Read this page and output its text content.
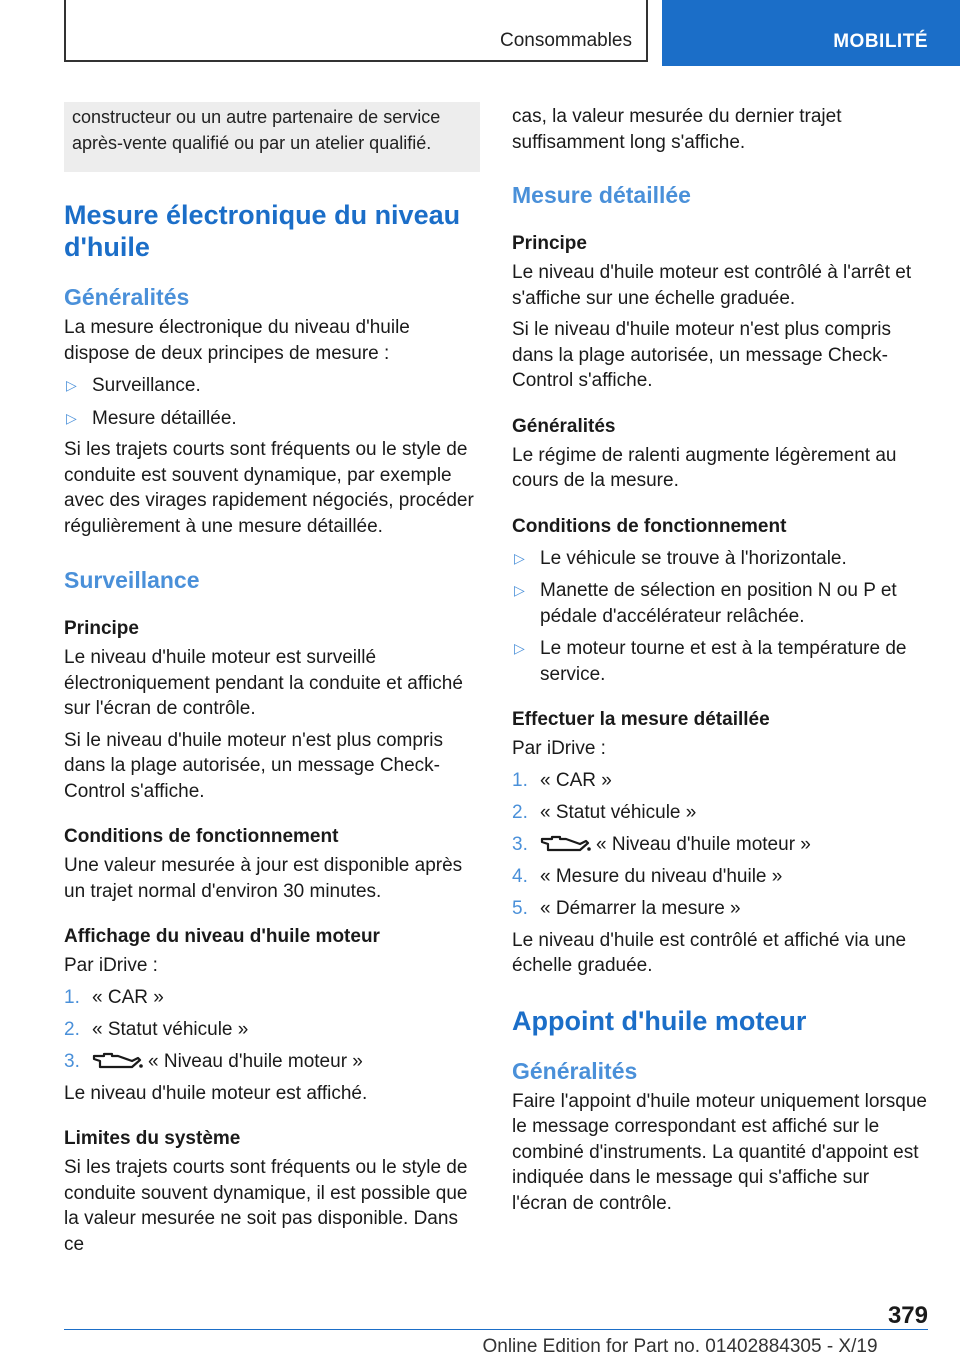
Consommables	MOBILITÉ
constructeur ou un autre partenaire de service après-vente qualifié ou par un atelier qualifié.
Mesure électronique du niveau d'huile
Généralités

La mesure électronique du niveau d'huile dispose de deux principes de mesure :

▷ Surveillance.
▷ Mesure détaillée.

Si les trajets courts sont fréquents ou le style de conduite est souvent dynamique, par exemple avec des virages rapidement négociés, procéder régulièrement à une mesure détaillée.

Surveillance
Principe

Le niveau d'huile moteur est surveillé électroniquement pendant la conduite et affiché sur l'écran de contrôle.

Si le niveau d'huile moteur n'est plus compris dans la plage autorisée, un message Check-Control s'affiche.

Conditions de fonctionnement

Une valeur mesurée à jour est disponible après un trajet normal d'environ 30 minutes.

Affichage du niveau d'huile moteur

Par iDrive :

1. « CAR »
2. « Statut véhicule »
3.	« Niveau d'huile moteur »

Le niveau d'huile moteur est affiché.

Limites du système

Si les trajets courts sont fréquents ou le style de conduite souvent dynamique, il est possible que la valeur mesurée ne soit pas disponible. Dans ce

cas, la valeur mesurée du dernier trajet suffisamment long s'affiche.

Mesure détaillée
Principe

Le niveau d'huile moteur est contrôlé à l'arrêt et s'affiche sur une échelle graduée.

Si le niveau d'huile moteur n'est plus compris dans la plage autorisée, un message Check-Control s'affiche.

Généralités

Le régime de ralenti augmente légèrement au cours de la mesure.

Conditions de fonctionnement
▷ Le véhicule se trouve à l'horizontale.
▷ Manette de sélection en position N ou P et pédale d'accélérateur relâchée.
▷ Le moteur tourne et est à la température de service.
Effectuer la mesure détaillée

Par iDrive :

1. « CAR »
2. « Statut véhicule »
3.	« Niveau d'huile moteur »
4. « Mesure du niveau d'huile »
5. « Démarrer la mesure »

Le niveau d'huile est contrôlé et affiché via une échelle graduée.

Appoint d'huile moteur
Généralités

Faire l'appoint d'huile moteur uniquement lorsque le message correspondant est affiché sur le combiné d'instruments. La quantité d'appoint est indiquée dans le message qui s'affiche sur l'écran de contrôle.

379
Online Edition for Part no. 01402884305 - X/19
